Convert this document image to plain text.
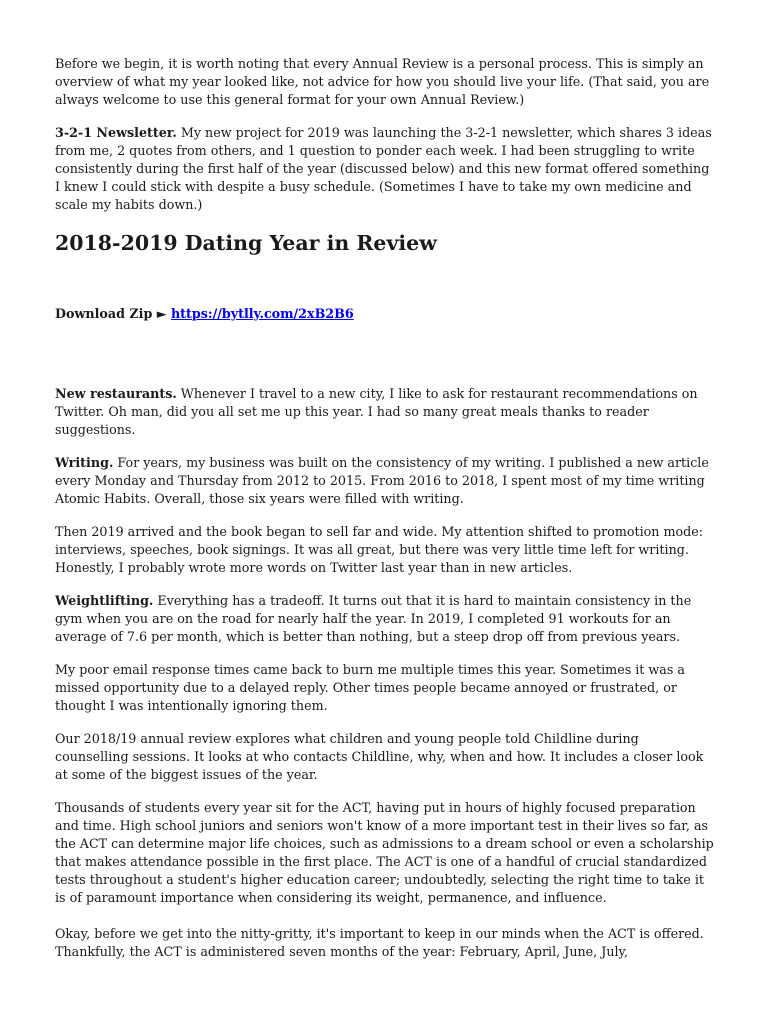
Before we begin, it is worth noting that every Annual Review is a personal process. This is simply an overview of what my year looked like, not advice for how you should live your life. (That said, you are always welcome to use this general format for your own Annual Review.)

3-2-1 Newsletter. My new project for 2019 was launching the 3-2-1 newsletter, which shares 3 ideas from me, 2 quotes from others, and 1 question to ponder each week. I had been struggling to write consistently during the first half of the year (discussed below) and this new format offered something I knew I could stick with despite a busy schedule. (Sometimes I have to take my own medicine and scale my habits down.)

2018-2019 Dating Year in Review
Download Zip ► https://bytlly.com/2xB2B6

New restaurants. Whenever I travel to a new city, I like to ask for restaurant recommendations on Twitter. Oh man, did you all set me up this year. I had so many great meals thanks to reader suggestions.

Writing. For years, my business was built on the consistency of my writing. I published a new article every Monday and Thursday from 2012 to 2015. From 2016 to 2018, I spent most of my time writing Atomic Habits. Overall, those six years were filled with writing.

Then 2019 arrived and the book began to sell far and wide. My attention shifted to promotion mode: interviews, speeches, book signings. It was all great, but there was very little time left for writing. Honestly, I probably wrote more words on Twitter last year than in new articles.

Weightlifting. Everything has a tradeoff. It turns out that it is hard to maintain consistency in the gym when you are on the road for nearly half the year. In 2019, I completed 91 workouts for an average of 7.6 per month, which is better than nothing, but a steep drop off from previous years.

My poor email response times came back to burn me multiple times this year. Sometimes it was a missed opportunity due to a delayed reply. Other times people became annoyed or frustrated, or thought I was intentionally ignoring them.

Our 2018/19 annual review explores what children and young people told Childline during counselling sessions. It looks at who contacts Childline, why, when and how. It includes a closer look at some of the biggest issues of the year.

Thousands of students every year sit for the ACT, having put in hours of highly focused preparation and time. High school juniors and seniors won't know of a more important test in their lives so far, as the ACT can determine major life choices, such as admissions to a dream school or even a scholarship that makes attendance possible in the first place. The ACT is one of a handful of crucial standardized tests throughout a student's higher education career; undoubtedly, selecting the right time to take it is of paramount importance when considering its weight, permanence, and influence.

Okay, before we get into the nitty-gritty, it's important to keep in our minds when the ACT is offered. Thankfully, the ACT is administered seven months of the year: February, April, June, July,
